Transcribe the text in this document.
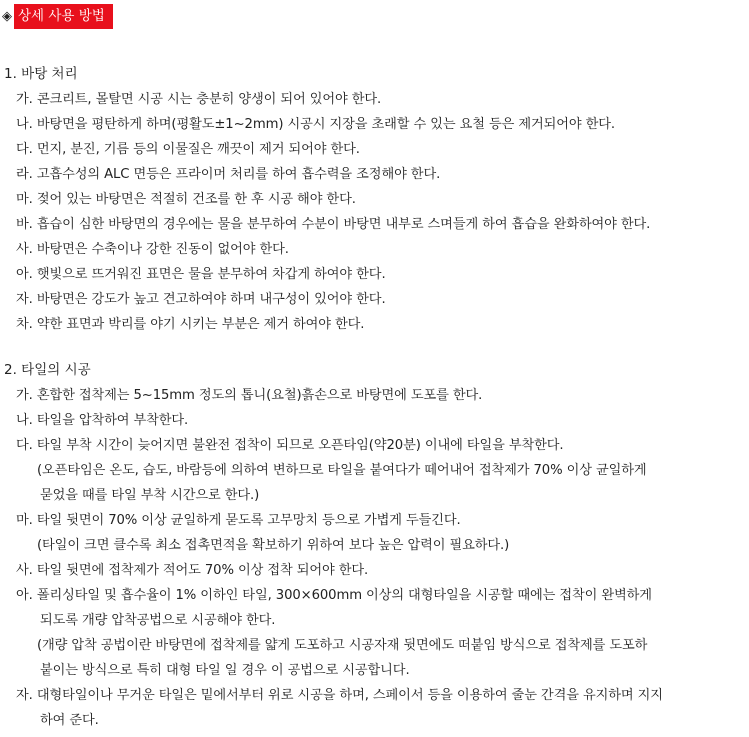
◈ 상세 사용 방법
1. 바탕 처리
가. 콘크리트, 몰탈면 시공 시는 충분히 양생이 되어 있어야 한다.
나. 바탕면을 평탄하게 하며(평활도±1~2mm) 시공시 지장을 초래할 수 있는 요철 등은 제거되어야 한다.
다. 먼지, 분진, 기름 등의 이물질은 깨끗이 제거 되어야 한다.
라. 고흡수성의 ALC 면등은 프라이머 처리를 하여 흡수력을 조정해야 한다.
마. 젖어 있는 바탕면은 적절히 건조를 한 후 시공 해야 한다.
바. 흡습이 심한 바탕면의 경우에는 물을 분무하여 수분이 바탕면 내부로 스며들게 하여 흡습을 완화하여야 한다.
사. 바탕면은 수축이나 강한 진동이 없어야 한다.
아. 햇빛으로 뜨거워진 표면은 물을 분무하여 차갑게 하여야 한다.
자. 바탕면은 강도가 높고 견고하여야 하며 내구성이 있어야 한다.
차. 약한 표면과 박리를 야기 시키는 부분은 제거 하여야 한다.
2. 타일의 시공
가. 혼합한 접착제는 5~15mm 정도의 톱니(요철)흙손으로 바탕면에 도포를 한다.
나. 타일을 압착하여 부착한다.
다. 타일 부착 시간이 늦어지면 불완전 접착이 되므로 오픈타임(약20분) 이내에 타일을 부착한다.
(오픈타임은 온도, 습도, 바람등에 의하여 변하므로 타일을 붙여다가 떼어내어 접착제가 70% 이상 균일하게
묻었을 때를 타일 부착 시간으로 한다.)
마. 타일 뒷면이 70% 이상 균일하게 묻도록 고무망치 등으로 가볍게 두들긴다.
(타일이 크면 클수록 최소 접촉면적을 확보하기 위하여 보다 높은 압력이 필요하다.)
사. 타일 뒷면에 접착제가 적어도 70% 이상 접착 되어야 한다.
아. 폴리싱타일 및 흡수율이 1% 이하인 타일, 300×600mm 이상의 대형타일을 시공할 때에는 접착이 완벽하게
되도록 개량 압착공법으로 시공해야 한다.
(개량 압착 공법이란 바탕면에 접착제를 얇게 도포하고 시공자재 뒷면에도 떠붙임 방식으로 접착제를 도포하
붙이는 방식으로 특히 대형 타일 일 경우 이 공법으로 시공합니다.
자. 대형타일이나 무거운 타일은 밑에서부터 위로 시공을 하며, 스페이서 등을 이용하여 줄눈 간격을 유지하며 지지
하여 준다.
